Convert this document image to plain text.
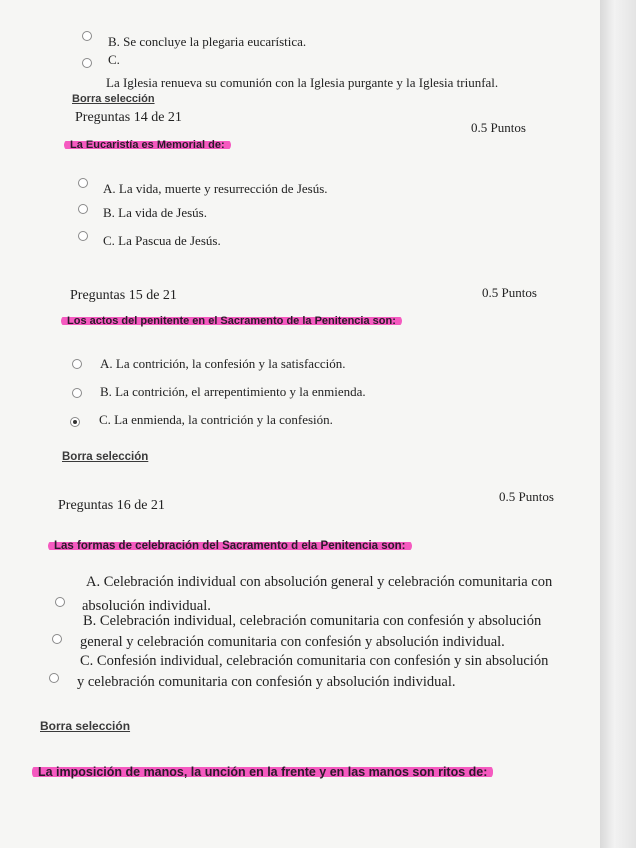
B. Se concluye la plegaria eucarística.
C.
La Iglesia renueva su comunión con la Iglesia purgante y la Iglesia triunfal.
Borra selección
Preguntas 14 de 21
0.5 Puntos
La Eucaristía es Memorial de:
A. La vida, muerte y resurrección de Jesús.
B. La vida de Jesús.
C. La Pascua de Jesús.
Preguntas 15 de 21	0.5 Puntos
Los actos del penitente en el Sacramento de la Penitencia son:
A. La contrición, la confesión y la satisfacción.
B. La contrición, el arrepentimiento y la enmienda.
C. La enmienda, la contrición y la confesión.
Borra selección
Preguntas 16 de 21
0.5 Puntos
Las formas de celebración del Sacramento d ela Penitencia son:
A. Celebración individual con absolución general y celebración comunitaria con
absolución individual.
B. Celebración individual, celebración comunitaria con confesión y absolución
general y celebración comunitaria con confesión y absolución individual.
C. Confesión individual, celebración comunitaria con confesión y sin absolución
y celebración comunitaria con confesión y absolución individual.
Borra selección
La imposición de manos, la unción en la frente y en las manos son ritos de:
